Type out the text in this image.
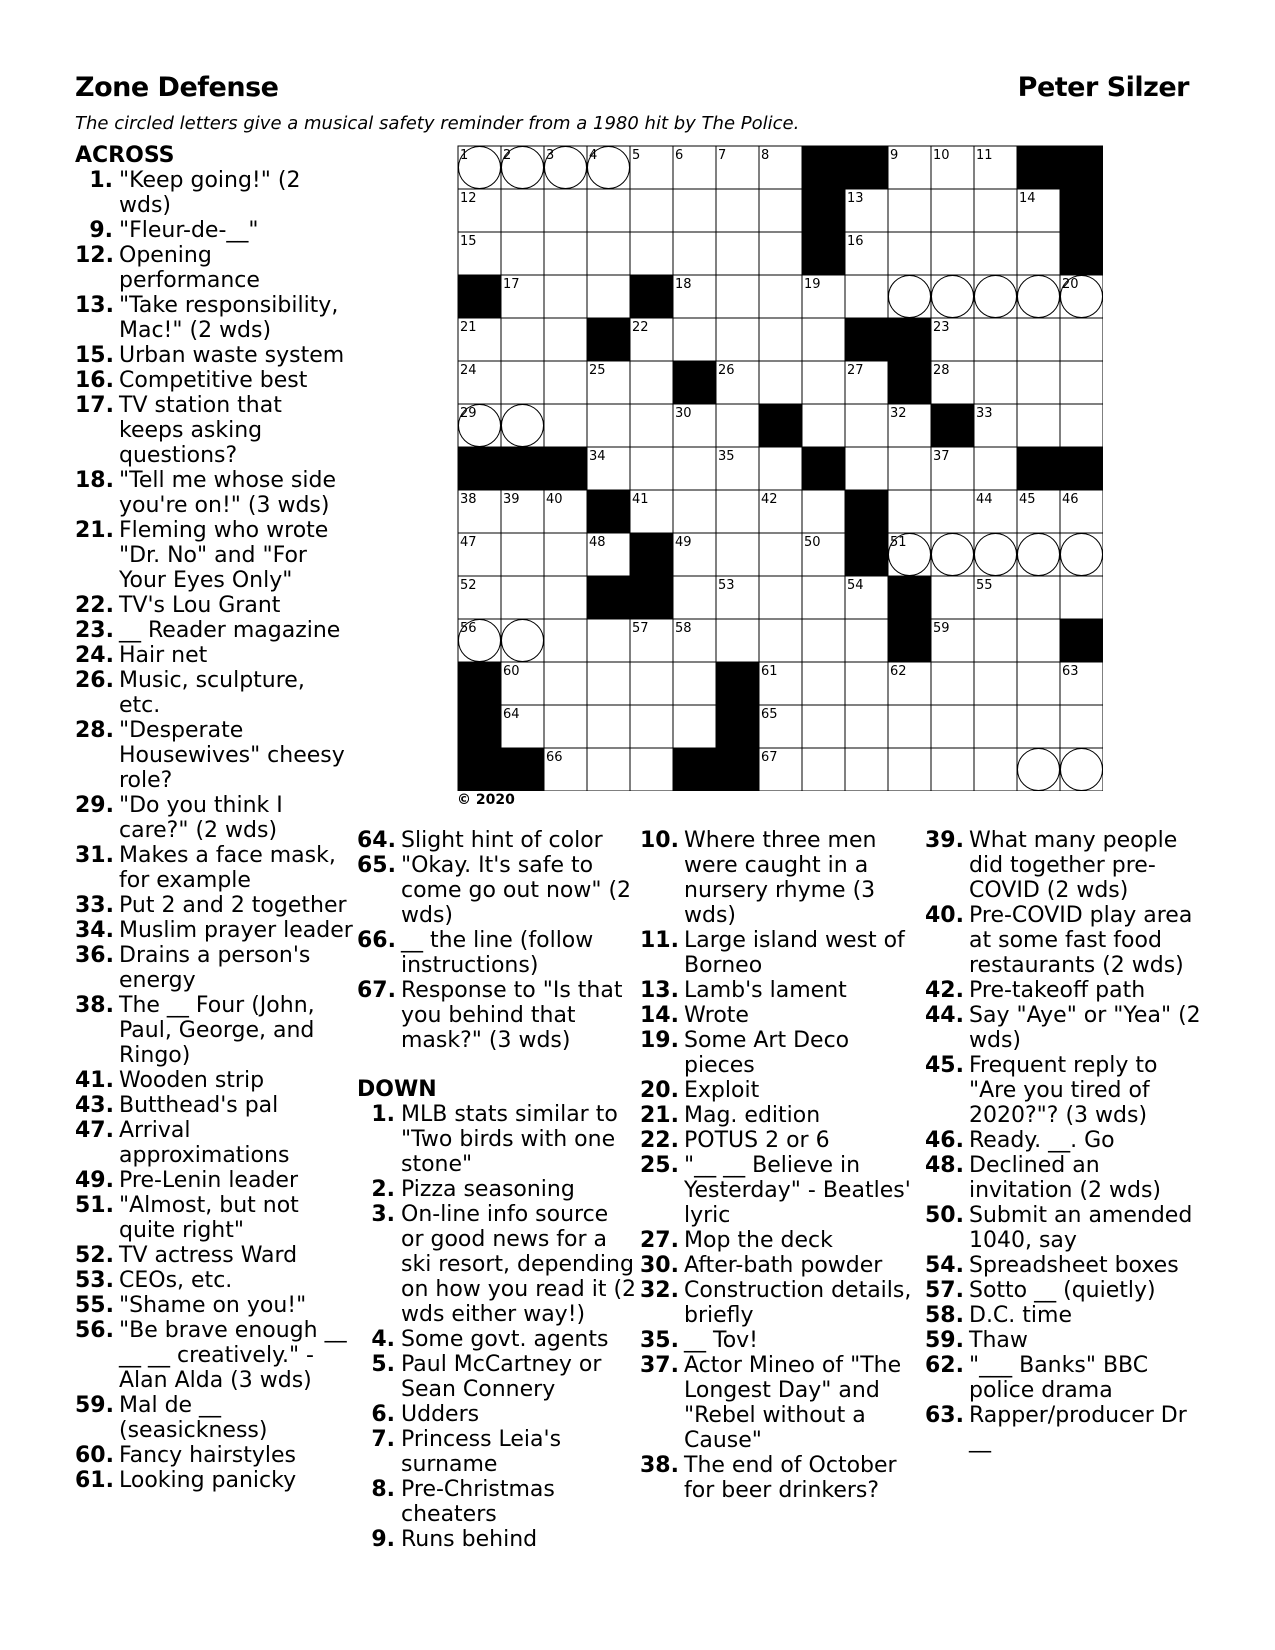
Zone Defense	Peter Silzer
The circled letters give a musical safety reminder from a 1980 hit by The Police.
1	2	3	4	5	6	7	8	9	10 11
12	13	14
15	16
17	18	19	20
21	22	23
24	25	26	27	28
29	30	32	33
34	35	37
38 39 40	41	42	44 45 46
47	48	49	50	51
52	53	54	55
56	57 58	59
60	61	62	63
64	65
66	67
© 2020
ACROSS
1. "Keep going!" (2 wds)
9. "Fleur-de-__"
12. Opening performance
13. "Take responsibility, Mac!" (2 wds)
15. Urban waste system
16. Competitive best
17. TV station that keeps asking questions?
18. "Tell me whose side you're on!" (3 wds)
21. Fleming who wrote "Dr. No" and "For Your Eyes Only"
22. TV's Lou Grant
23. __ Reader magazine
24. Hair net
26. Music, sculpture, etc.
28. "Desperate Housewives" cheesy role?
29. "Do you think I care?" (2 wds)
31. Makes a face mask, for example
33. Put 2 and 2 together
34. Muslim prayer leader
36. Drains a person's energy
38. The __ Four (John, Paul, George, and Ringo)
41. Wooden strip
43. Butthead's pal
47. Arrival approximations
49. Pre-Lenin leader
51. "Almost, but not quite right"
52. TV actress Ward
53. CEOs, etc.
55. "Shame on you!"
56. "Be brave enough __ __ __ creatively." - Alan Alda (3 wds)
59. Mal de __ (seasickness)
60. Fancy hairstyles
61. Looking panicky
64. Slight hint of color
65. "Okay. It's safe to come go out now" (2 wds)
66. __ the line (follow instructions)
67. Response to "Is that you behind that mask?" (3 wds)
DOWN
1. MLB stats similar to "Two birds with one stone"
2. Pizza seasoning
3. On-line info source or good news for a ski resort, depending on how you read it (2 wds either way!)
4. Some govt. agents
5. Paul McCartney or Sean Connery
6. Udders
7. Princess Leia's surname
8. Pre-Christmas cheaters
9. Runs behind
10. Where three men were caught in a nursery rhyme (3 wds)
11. Large island west of Borneo
13. Lamb's lament
14. Wrote
19. Some Art Deco pieces
20. Exploit
21. Mag. edition
22. POTUS 2 or 6
25. "__ __ Believe in Yesterday" - Beatles' lyric
27. Mop the deck
30. After-bath powder
32. Construction details, briefly
35. __ Tov!
37. Actor Mineo of "The Longest Day" and "Rebel without a Cause"
38. The end of October for beer drinkers?
39. What many people did together pre-COVID (2 wds)
40. Pre-COVID play area at some fast food restaurants (2 wds)
42. Pre-takeoff path
44. Say "Aye" or "Yea" (2 wds)
45. Frequent reply to "Are you tired of 2020?"? (3 wds)
46. Ready. __. Go
48. Declined an invitation (2 wds)
50. Submit an amended 1040, say
54. Spreadsheet boxes
57. Sotto __ (quietly)
58. D.C. time
59. Thaw
62. "___ Banks" BBC police drama
63. Rapper/producer Dr __
